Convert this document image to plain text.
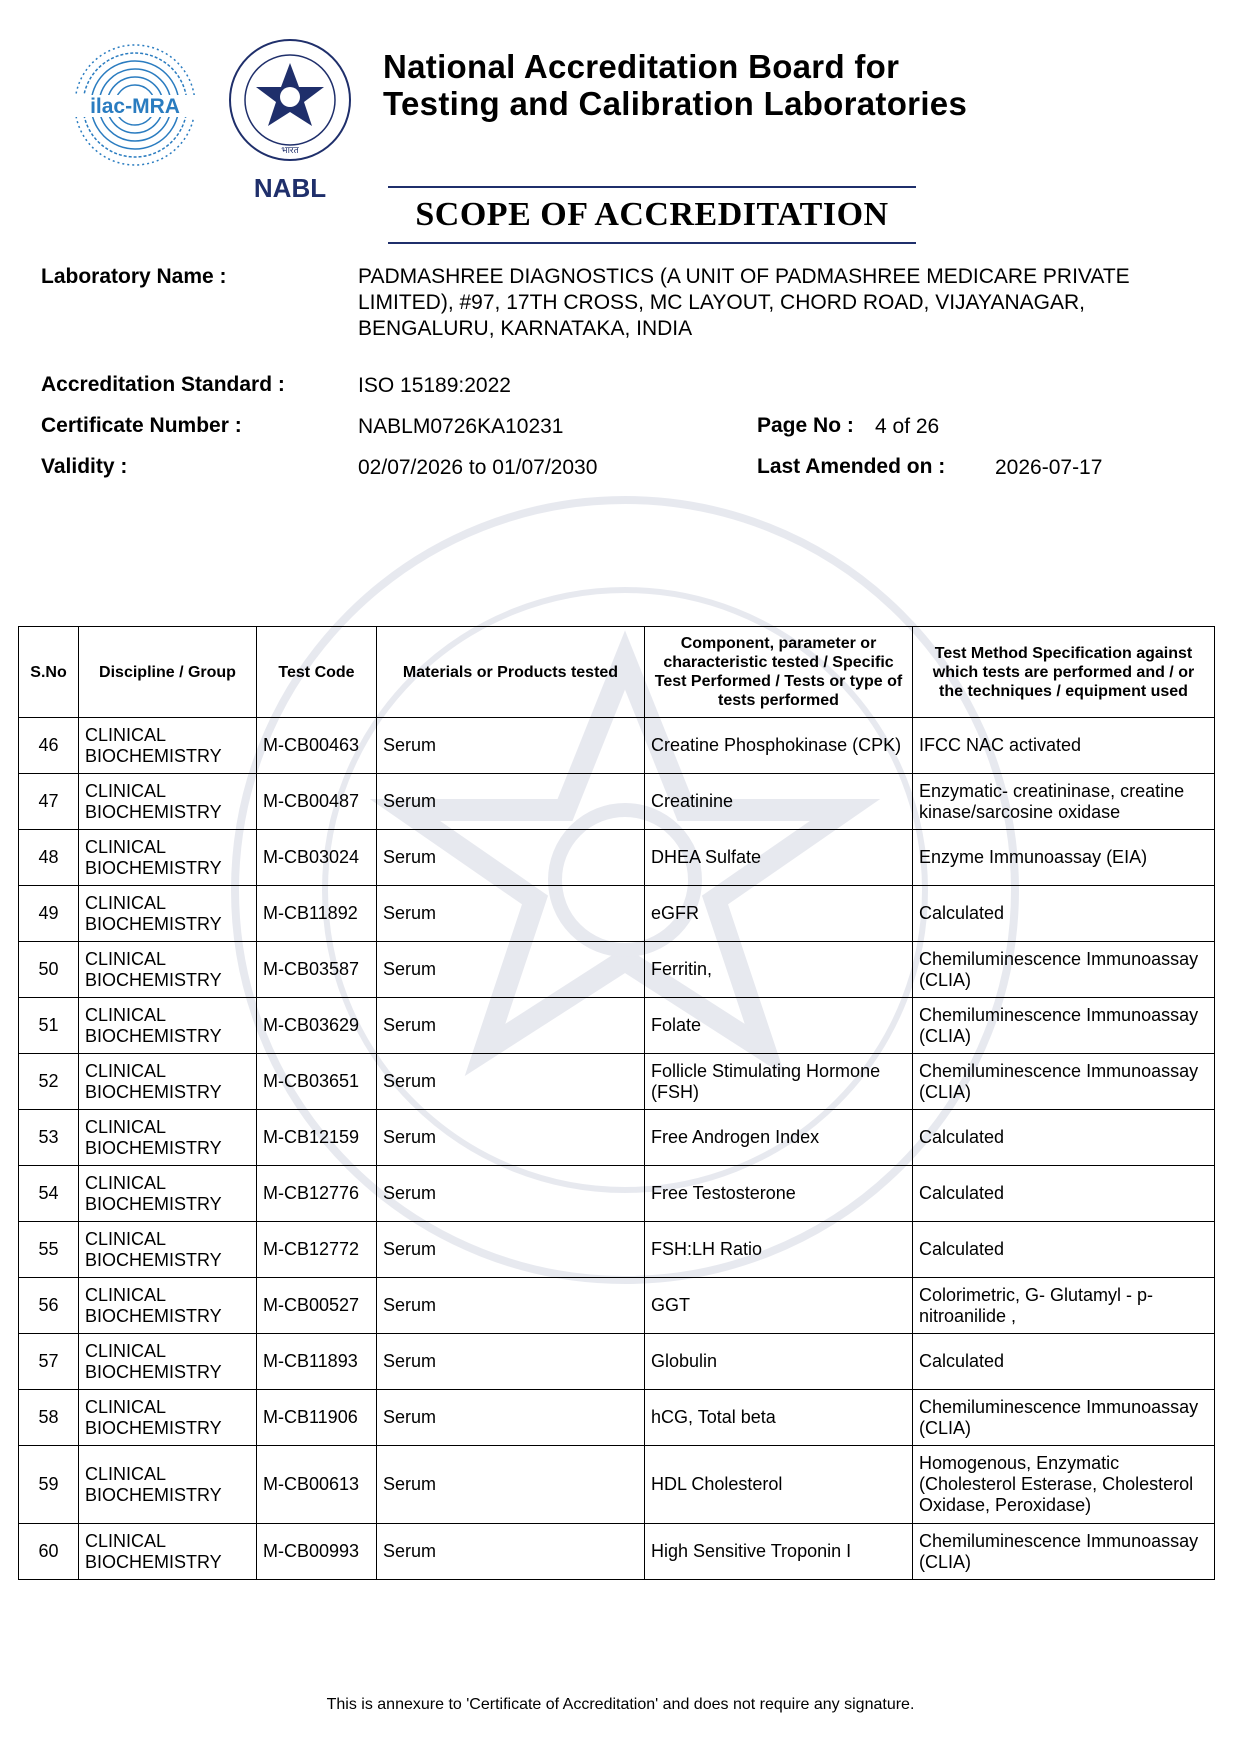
ilac-MRA
भारत
NABL
National Accreditation Board for
Testing and Calibration Laboratories
SCOPE OF ACCREDITATION
Laboratory Name :	PADMASHREE DIAGNOSTICS (A UNIT OF PADMASHREE MEDICARE PRIVATE
LIMITED), #97, 17TH CROSS, MC LAYOUT, CHORD ROAD, VIJAYANAGAR,
BENGALURU, KARNATAKA, INDIA
Accreditation Standard :	ISO 15189:2022
Certificate Number :	NABLM0726KA10231	Page No : 4 of 26
Validity :	02/07/2026 to 01/07/2030	Last Amended on : 2026-07-17
S.No	Discipline / Group	Test Code	Materials or Products tested	Component, parameter or characteristic tested / Specific Test Performed / Tests or type of tests performed	Test Method Specification against which tests are performed and / or the techniques / equipment used
46	CLINICAL BIOCHEMISTRY	M-CB00463	Serum	Creatine Phosphokinase (CPK)	IFCC NAC activated
47	CLINICAL BIOCHEMISTRY	M-CB00487	Serum	Creatinine	Enzymatic- creatininase, creatine kinase/sarcosine oxidase
48	CLINICAL BIOCHEMISTRY	M-CB03024	Serum	DHEA Sulfate	Enzyme Immunoassay (EIA)
49	CLINICAL BIOCHEMISTRY	M-CB11892	Serum	eGFR	Calculated
50	CLINICAL BIOCHEMISTRY	M-CB03587	Serum	Ferritin,	Chemiluminescence Immunoassay (CLIA)
51	CLINICAL BIOCHEMISTRY	M-CB03629	Serum	Folate	Chemiluminescence Immunoassay (CLIA)
52	CLINICAL BIOCHEMISTRY	M-CB03651	Serum	Follicle Stimulating Hormone (FSH)	Chemiluminescence Immunoassay (CLIA)
53	CLINICAL BIOCHEMISTRY	M-CB12159	Serum	Free Androgen Index	Calculated
54	CLINICAL BIOCHEMISTRY	M-CB12776	Serum	Free Testosterone	Calculated
55	CLINICAL BIOCHEMISTRY	M-CB12772	Serum	FSH:LH Ratio	Calculated
56	CLINICAL BIOCHEMISTRY	M-CB00527	Serum	GGT	Colorimetric, G- Glutamyl - p-nitroanilide ,
57	CLINICAL BIOCHEMISTRY	M-CB11893	Serum	Globulin	Calculated
58	CLINICAL BIOCHEMISTRY	M-CB11906	Serum	hCG, Total beta	Chemiluminescence Immunoassay (CLIA)
59	CLINICAL BIOCHEMISTRY	M-CB00613	Serum	HDL Cholesterol	Homogenous, Enzymatic (Cholesterol Esterase, Cholesterol Oxidase, Peroxidase)
60	CLINICAL BIOCHEMISTRY	M-CB00993	Serum	High Sensitive Troponin I	Chemiluminescence Immunoassay (CLIA)
This is annexure to 'Certificate of Accreditation' and does not require any signature.
